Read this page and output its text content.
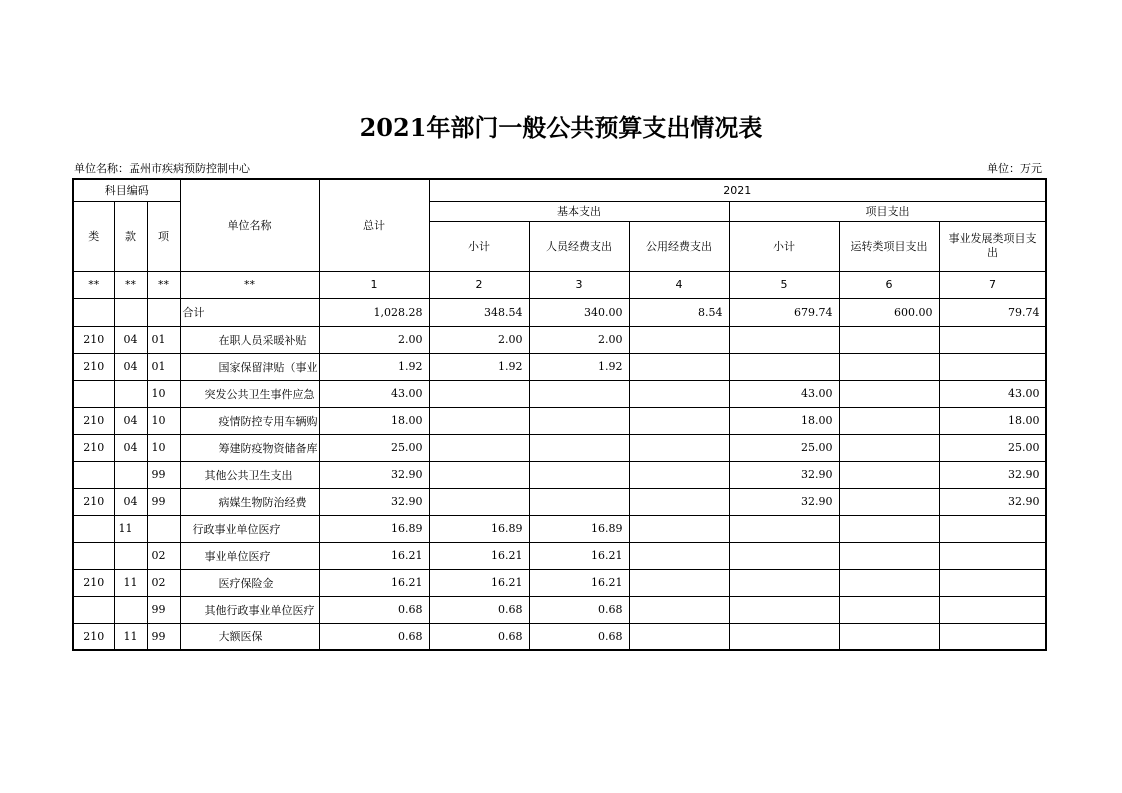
2021年部门一般公共预算支出情况表
单位名称：孟州市疾病预防控制中心	单位：万元
科目编码			单位名称	总计	2021					
类	款	项			基本支出			项目支出		
					小计	人员经费支出	公用经费支出	小计	运转类项目支出	事业发展类项目支出
**	**	**	**	1	2	3	4	5	6	7
			合计	1,028.28	348.54	340.00	8.54	679.74	600.00	79.74
210	04	01	在职人员采暖补贴	2.00	2.00	2.00				
210	04	01	国家保留津贴（事业	1.92	1.92	1.92				
		10	突发公共卫生事件应急	43.00				43.00		43.00
210	04	10	疫情防控专用车辆购	18.00				18.00		18.00
210	04	10	筹建防疫物资储备库	25.00				25.00		25.00
		99	其他公共卫生支出	32.90				32.90		32.90
210	04	99	病媒生物防治经费	32.90				32.90		32.90
	11		行政事业单位医疗	16.89	16.89	16.89				
		02	事业单位医疗	16.21	16.21	16.21				
210	11	02	医疗保险金	16.21	16.21	16.21				
		99	其他行政事业单位医疗	0.68	0.68	0.68				
210	11	99	大额医保	0.68	0.68	0.68				
